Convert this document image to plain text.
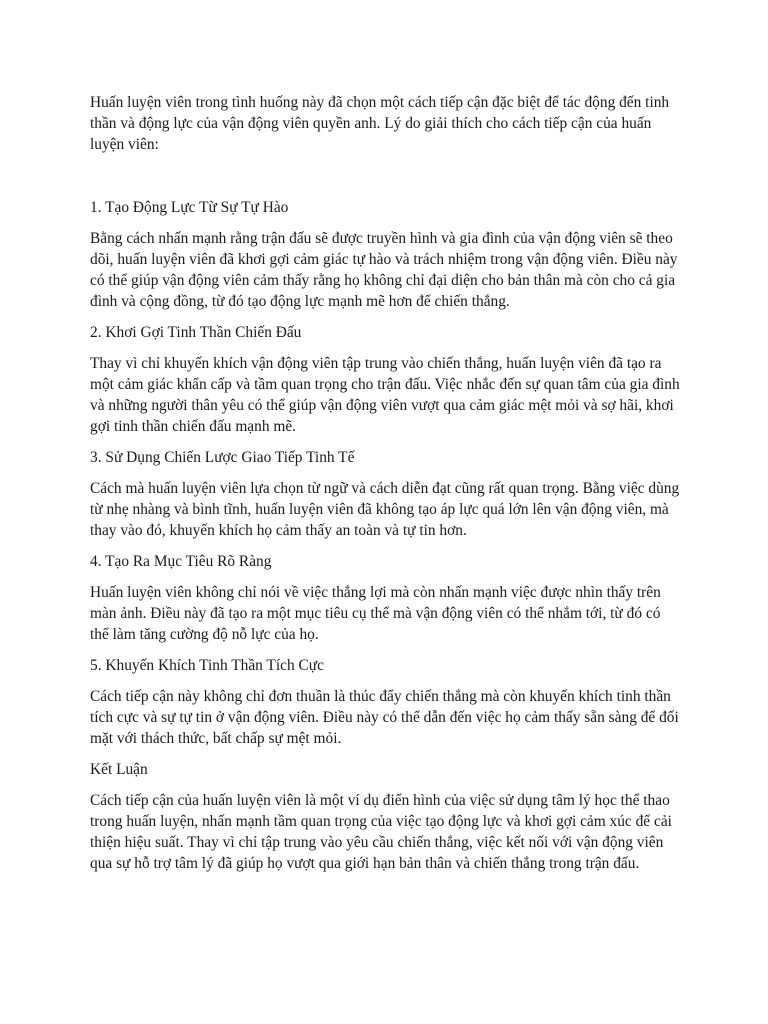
Huấn luyện viên trong tình huống này đã chọn một cách tiếp cận đặc biệt để tác động đến tinh thần và động lực của vận động viên quyền anh. Lý do giải thích cho cách tiếp cận của huấn luyện viên:

1. Tạo Động Lực Từ Sự Tự Hào

Bằng cách nhấn mạnh rằng trận đấu sẽ được truyền hình và gia đình của vận động viên sẽ theo dõi, huấn luyện viên đã khơi gợi cảm giác tự hào và trách nhiệm trong vận động viên. Điều này có thể giúp vận động viên cảm thấy rằng họ không chỉ đại diện cho bản thân mà còn cho cả gia đình và cộng đồng, từ đó tạo động lực mạnh mẽ hơn để chiến thắng.

2. Khơi Gợi Tinh Thần Chiến Đấu

Thay vì chỉ khuyến khích vận động viên tập trung vào chiến thắng, huấn luyện viên đã tạo ra một cảm giác khẩn cấp và tầm quan trọng cho trận đấu. Việc nhắc đến sự quan tâm của gia đình và những người thân yêu có thể giúp vận động viên vượt qua cảm giác mệt mỏi và sợ hãi, khơi gợi tinh thần chiến đấu mạnh mẽ.

3. Sử Dụng Chiến Lược Giao Tiếp Tinh Tế

Cách mà huấn luyện viên lựa chọn từ ngữ và cách diễn đạt cũng rất quan trọng. Bằng việc dùng từ nhẹ nhàng và bình tĩnh, huấn luyện viên đã không tạo áp lực quá lớn lên vận động viên, mà thay vào đó, khuyến khích họ cảm thấy an toàn và tự tin hơn.

4. Tạo Ra Mục Tiêu Rõ Ràng

Huấn luyện viên không chỉ nói về việc thắng lợi mà còn nhấn mạnh việc được nhìn thấy trên màn ảnh. Điều này đã tạo ra một mục tiêu cụ thể mà vận động viên có thể nhắm tới, từ đó có thể làm tăng cường độ nỗ lực của họ.

5. Khuyến Khích Tinh Thần Tích Cực

Cách tiếp cận này không chỉ đơn thuần là thúc đẩy chiến thắng mà còn khuyến khích tinh thần tích cực và sự tự tin ở vận động viên. Điều này có thể dẫn đến việc họ cảm thấy sẵn sàng để đối mặt với thách thức, bất chấp sự mệt mỏi.

Kết Luận

Cách tiếp cận của huấn luyện viên là một ví dụ điển hình của việc sử dụng tâm lý học thể thao trong huấn luyện, nhấn mạnh tầm quan trọng của việc tạo động lực và khơi gợi cảm xúc để cải thiện hiệu suất. Thay vì chỉ tập trung vào yêu cầu chiến thắng, việc kết nối với vận động viên qua sự hỗ trợ tâm lý đã giúp họ vượt qua giới hạn bản thân và chiến thắng trong trận đấu.
